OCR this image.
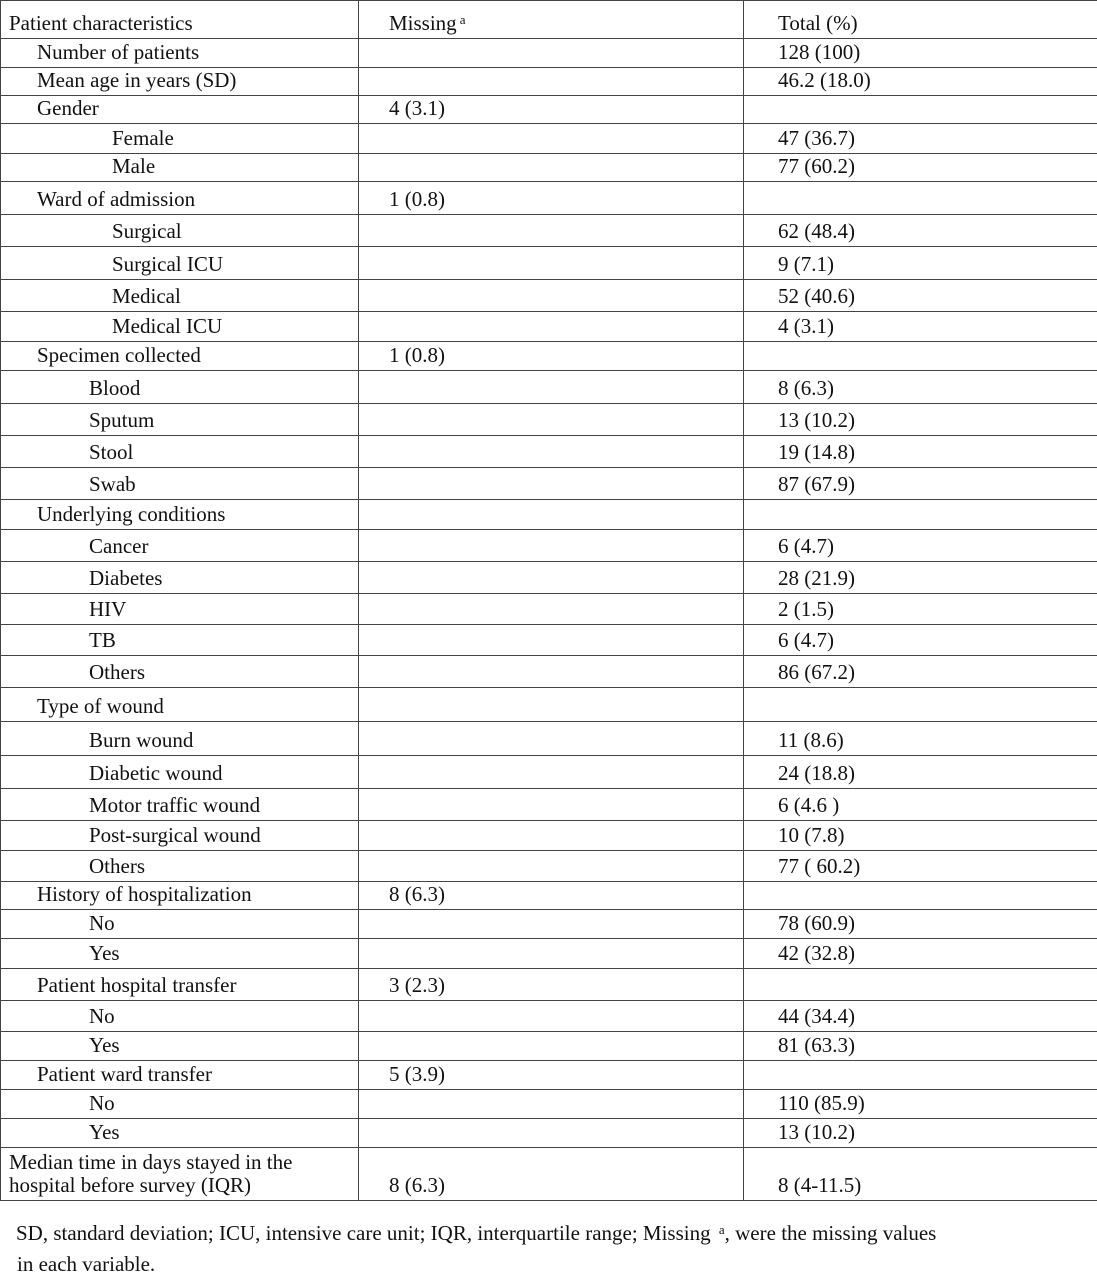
Patient characteristics	Missing $^a$	Total (%)

Number of patients		128 (100)

Mean age in years (SD)		46.2 (18.0)

Gender	4 (3.1)	

Female		47 (36.7)

Male		77 (60.2)

Ward of admission	1 (0.8)	

Surgical		62 (48.4)

Surgical ICU		9 (7.1)

Medical		52 (40.6)

Medical ICU		4 (3.1)

Specimen collected	1 (0.8)	

Blood		8 (6.3)

Sputum		13 (10.2)

Stool		19 (14.8)

Swab		87 (67.9)

Underlying conditions		

Cancer		6 (4.7)

Diabetes		28 (21.9)

HIV		2 (1.5)

TB		6 (4.7)

Others		86 (67.2)

Type of wound		

Burn wound		11 (8.6)

Diabetic wound		24 (18.8)

Motor traffic wound		6 (4.6 )

Post-surgical wound		10 (7.8)

Others		77 ( 60.2)

History of hospitalization	8 (6.3)	

No		78 (60.9)

Yes		42 (32.8)

Patient hospital transfer	3 (2.3)	

No		44 (34.4)

Yes		81 (63.3)

Patient ward transfer	5 (3.9)	

No		110 (85.9)

Yes		13 (10.2)

Median time in days stayed in the hospital before survey (IQR)	8 (6.3)	8 (4-11.5)
SD, standard deviation; ICU, intensive care unit; IQR, interquartile range; Missing $^a$, were the missing values
in each variable.
